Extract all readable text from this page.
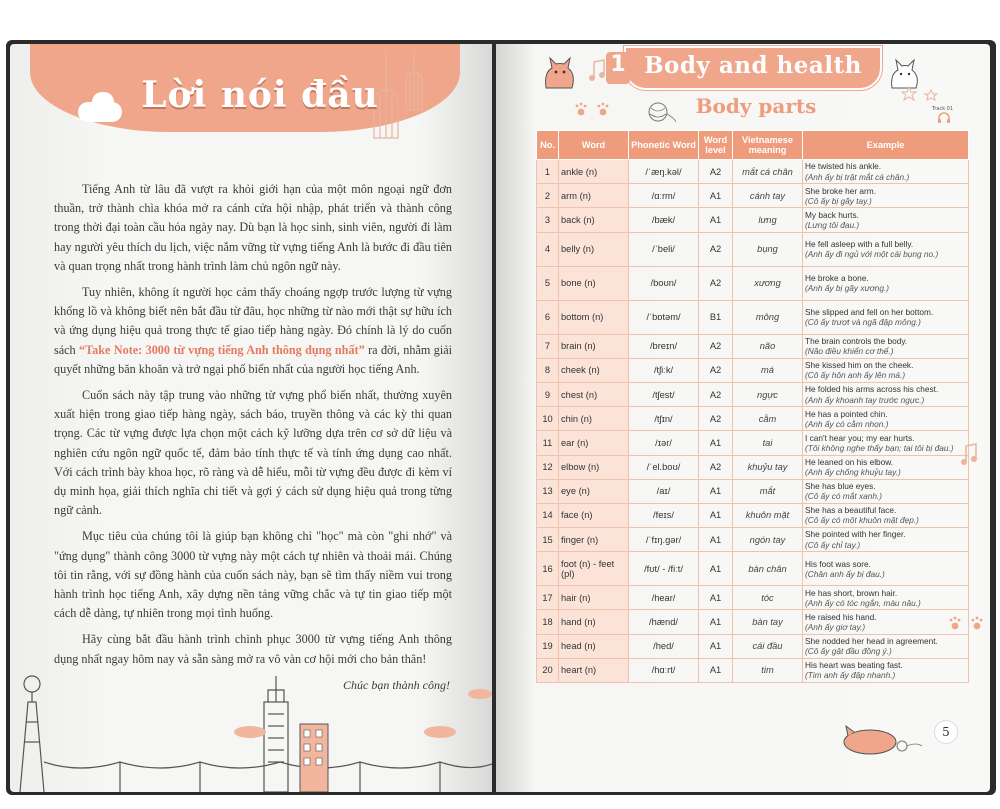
Lời nói đầu

Tiếng Anh từ lâu đã vượt ra khỏi giới hạn của một môn ngoại ngữ đơn thuần, trở thành chìa khóa mở ra cánh cửa hội nhập, phát triển và thành công trong thời đại toàn cầu hóa ngày nay. Dù bạn là học sinh, sinh viên, người đi làm hay người yêu thích du lịch, việc nắm vững từ vựng tiếng Anh là bước đi đầu tiên và quan trọng nhất trong hành trình làm chủ ngôn ngữ này.

Tuy nhiên, không ít người học cảm thấy choáng ngợp trước lượng từ vựng khổng lồ và không biết nên bắt đầu từ đâu, học những từ nào mới thật sự hữu ích và ứng dụng hiệu quả trong thực tế giao tiếp hàng ngày. Đó chính là lý do cuốn sách “Take Note: 3000 từ vựng tiếng Anh thông dụng nhất” ra đời, nhằm giải quyết những băn khoăn và trở ngại phổ biến nhất của người học tiếng Anh.

Cuốn sách này tập trung vào những từ vựng phổ biến nhất, thường xuyên xuất hiện trong giao tiếp hàng ngày, sách báo, truyền thông và các kỳ thi quan trọng. Các từ vựng được lựa chọn một cách kỹ lưỡng dựa trên cơ sở dữ liệu và nghiên cứu ngôn ngữ quốc tế, đảm bảo tính thực tế và tính ứng dụng cao nhất. Với cách trình bày khoa học, rõ ràng và dễ hiểu, mỗi từ vựng đều được đi kèm ví dụ minh họa, giải thích nghĩa chi tiết và gợi ý cách sử dụng hiệu quả trong từng ngữ cảnh.

Mục tiêu của chúng tôi là giúp bạn không chỉ "học" mà còn "ghi nhớ" và "ứng dụng" thành công 3000 từ vựng này một cách tự nhiên và thoải mái. Chúng tôi tin rằng, với sự đồng hành của cuốn sách này, bạn sẽ tìm thấy niềm vui trong hành trình học tiếng Anh, xây dựng nền tảng vững chắc và tự tin giao tiếp một cách dễ dàng, tự nhiên trong mọi tình huống.

Hãy cùng bắt đầu hành trình chinh phục 3000 từ vựng tiếng Anh thông dụng nhất ngay hôm nay và sẵn sàng mở ra vô vàn cơ hội mới cho bản thân!

Chúc bạn thành công!
1 Body and health
Body parts	Track 01
No.	Word	Phonetic Word	Word level	Vietnamese meaning	Example
1	ankle (n)	/ˈæŋ.kəl/	A2	mắt cá chân	He twisted his ankle.
(Anh ấy bị trật mắt cá chân.)
2	arm (n)	/ɑːrm/	A1	cánh tay	She broke her arm.
(Cô ấy bị gãy tay.)
3	back (n)	/bæk/	A1	lưng	My back hurts.
(Lưng tôi đau.)
4	belly (n)	/ˈbeli/	A2	bụng	He fell asleep with a full belly.
(Anh ấy đi ngủ với một cái bụng no.)
5	bone (n)	/boʊn/	A2	xương	He broke a bone.
(Anh ấy bị gãy xương.)
6	bottom (n)	/ˈbɒtəm/	B1	mông	She slipped and fell on her bottom.
(Cô ấy trượt và ngã đập mông.)
7	brain (n)	/breɪn/	A2	não	The brain controls the body.
(Não điều khiển cơ thể.)
8	cheek (n)	/tʃiːk/	A2	má	She kissed him on the cheek.
(Cô ấy hôn anh ấy lên má.)
9	chest (n)	/tʃest/	A2	ngực	He folded his arms across his chest.
(Anh ấy khoanh tay trước ngực.)
10	chin (n)	/tʃɪn/	A2	cằm	He has a pointed chin.
(Anh ấy có cằm nhọn.)
11	ear (n)	/ɪər/	A1	tai	I can't hear you; my ear hurts.
(Tôi không nghe thấy bạn; tai tôi bị đau.)
12	elbow (n)	/ˈel.boʊ/	A2	khuỷu tay	He leaned on his elbow.
(Anh ấy chống khuỷu tay.)
13	eye (n)	/aɪ/	A1	mắt	She has blue eyes.
(Cô ấy có mắt xanh.)
14	face (n)	/feɪs/	A1	khuôn mặt	She has a beautiful face.
(Cô ấy có một khuôn mặt đẹp.)
15	finger (n)	/ˈfɪŋ.ɡər/	A1	ngón tay	She pointed with her finger.
(Cô ấy chỉ tay.)
16	foot (n) - feet (pl)	/fʊt/ - /fiːt/	A1	bàn chân	His foot was sore.
(Chân anh ấy bị đau.)
17	hair (n)	/hear/	A1	tóc	He has short, brown hair.
(Anh ấy có tóc ngắn, màu nâu.)
18	hand (n)	/hænd/	A1	bàn tay	He raised his hand.
(Anh ấy giơ tay.)
19	head (n)	/hed/	A1	cái đầu	She nodded her head in agreement.
(Cô ấy gật đầu đồng ý.)
20	heart (n)	/hɑːrt/	A1	tim	His heart was beating fast.
(Tim anh ấy đập nhanh.)
5
